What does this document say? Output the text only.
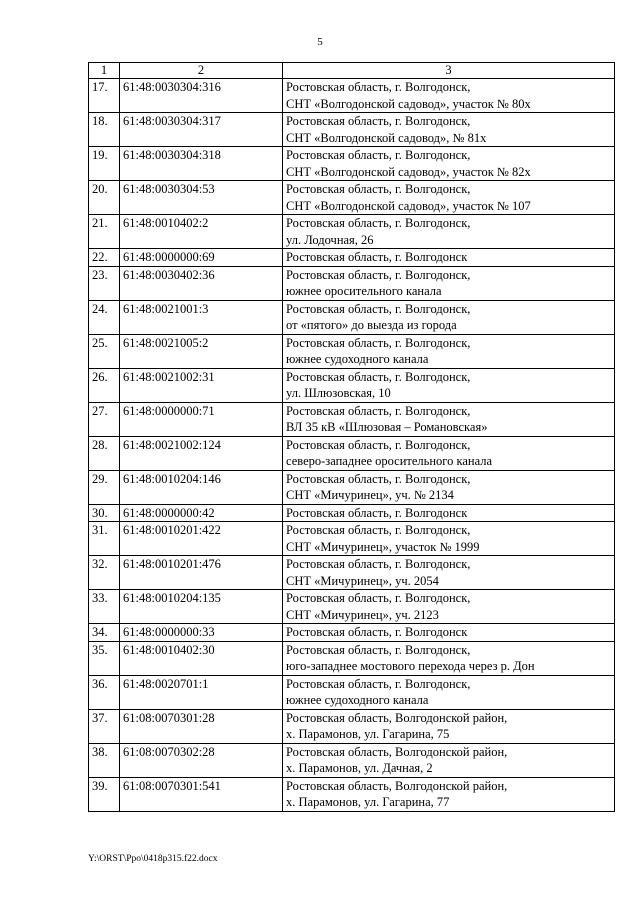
5
1	2	3
17.	61:48:0030304:316	Ростовская область, г. Волгодонск,
СНТ «Волгодонской садовод», участок № 80х

18.	61:48:0030304:317	Ростовская область, г. Волгодонск,
СНТ «Волгодонской садовод», № 81х

19.	61:48:0030304:318	Ростовская область, г. Волгодонск,
СНТ «Волгодонской садовод», участок № 82х

20.	61:48:0030304:53	Ростовская область, г. Волгодонск,
СНТ «Волгодонской садовод», участок № 107

21.	61:48:0010402:2	Ростовская область, г. Волгодонск,
ул. Лодочная, 26

22.	61:48:0000000:69	Ростовская область, г. Волгодонск

23.	61:48:0030402:36	Ростовская область, г. Волгодонск,
южнее оросительного канала

24.	61:48:0021001:3	Ростовская область, г. Волгодонск,
от «пятого» до выезда из города

25.	61:48:0021005:2	Ростовская область, г. Волгодонск,
южнее судоходного канала

26.	61:48:0021002:31	Ростовская область, г. Волгодонск,
ул. Шлюзовская, 10

27.	61:48:0000000:71	Ростовская область, г. Волгодонск,
ВЛ 35 кВ «Шлюзовая – Романовская»

28.	61:48:0021002:124	Ростовская область, г. Волгодонск,
северо-западнее оросительного канала

29.	61:48:0010204:146	Ростовская область, г. Волгодонск,
СНТ «Мичуринец», уч. № 2134

30.	61:48:0000000:42	Ростовская область, г. Волгодонск

31.	61:48:0010201:422	Ростовская область, г. Волгодонск,
СНТ «Мичуринец», участок № 1999

32.	61:48:0010201:476	Ростовская область, г. Волгодонск,
СНТ «Мичуринец», уч. 2054

33.	61:48:0010204:135	Ростовская область, г. Волгодонск,
СНТ «Мичуринец», уч. 2123

34.	61:48:0000000:33	Ростовская область, г. Волгодонск

35.	61:48:0010402:30	Ростовская область, г. Волгодонск,
юго-западнее мостового перехода через р. Дон

36.	61:48:0020701:1	Ростовская область, г. Волгодонск,
южнее судоходного канала

37.	61:08:0070301:28	Ростовская область, Волгодонской район,
х. Парамонов, ул. Гагарина, 75

38.	61:08:0070302:28	Ростовская область, Волгодонской район,
х. Парамонов, ул. Дачная, 2

39.	61:08:0070301:541	Ростовская область, Волгодонской район,
х. Парамонов, ул. Гагарина, 77
Y:\ORST\Ppo\0418p315.f22.docx
